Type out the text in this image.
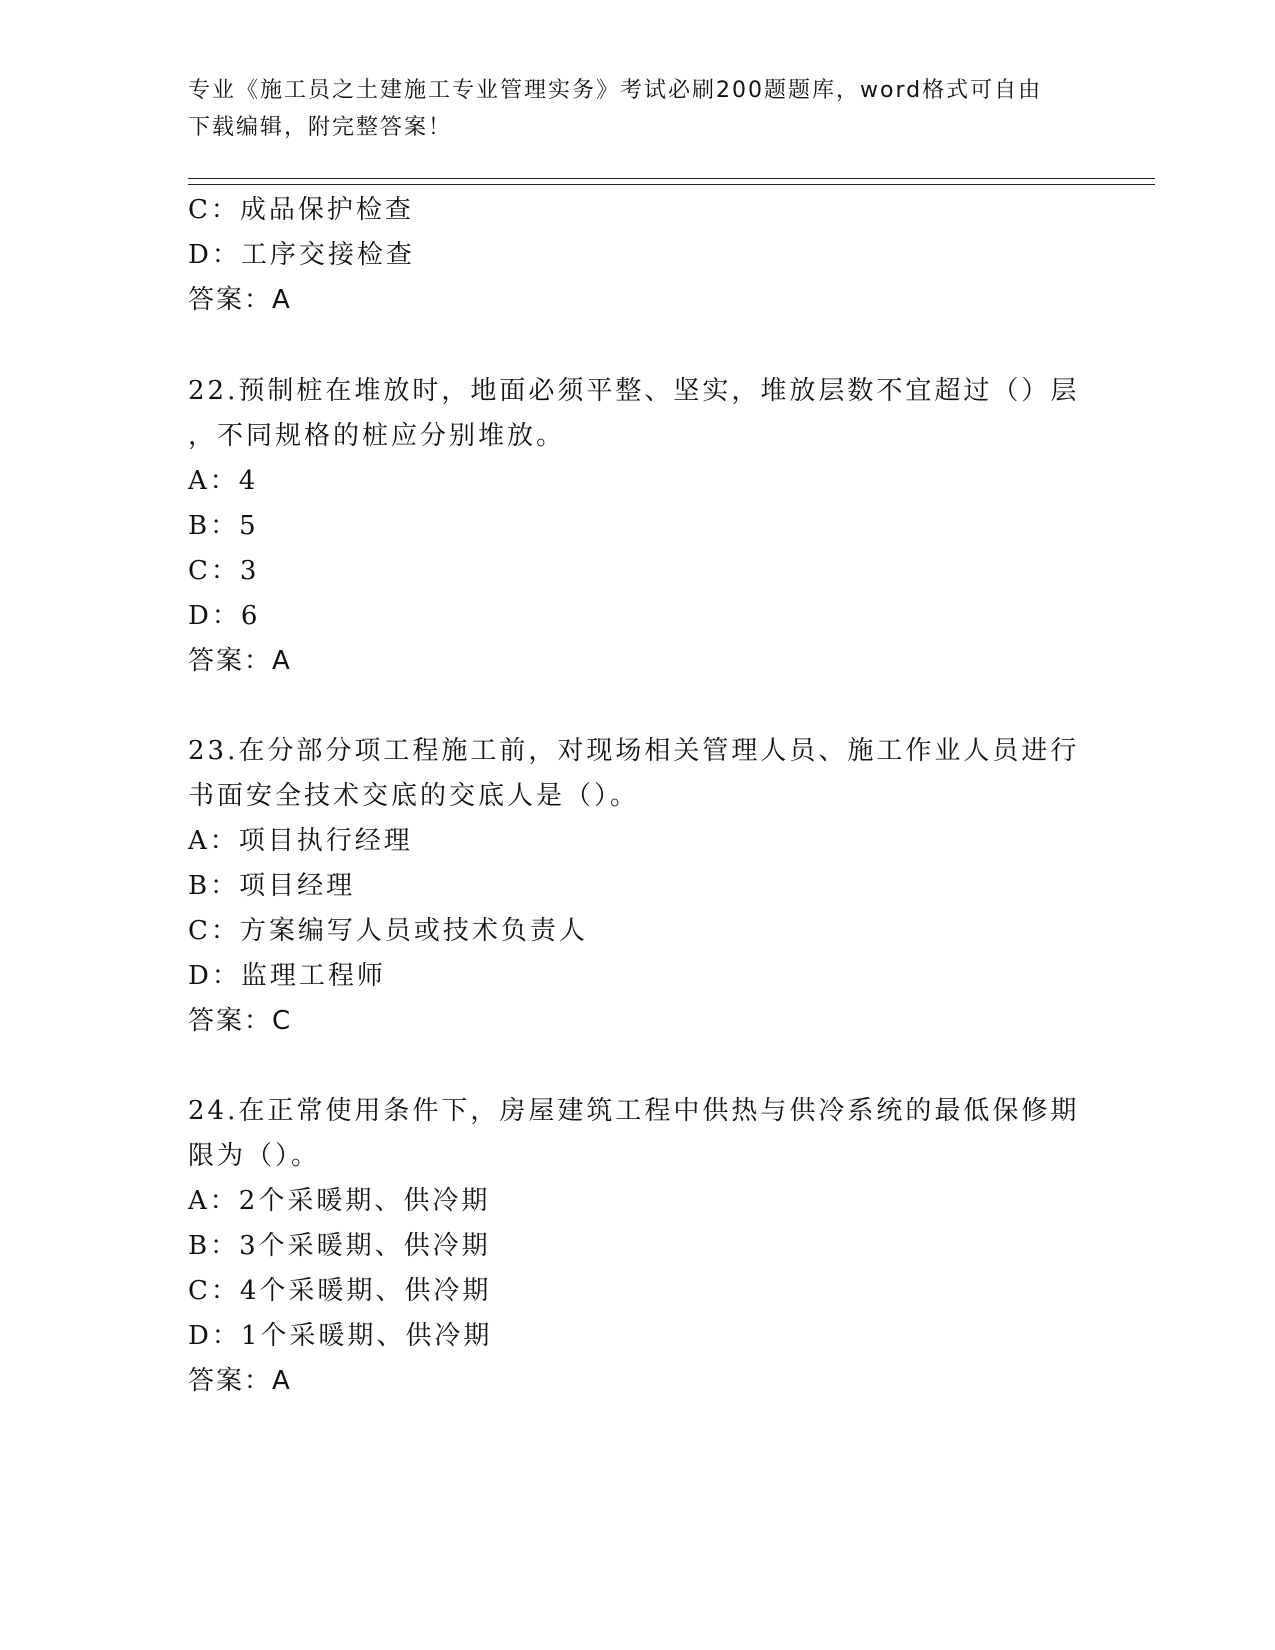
专业《施工员之土建施工专业管理实务》考试必刷200题题库，word格式可自由
下载编辑，附完整答案！
C：成品保护检查
D：工序交接检查
答案：A
22.预制桩在堆放时，地面必须平整、坚实，堆放层数不宜超过（）层
，不同规格的桩应分别堆放。
A：4
B：5
C：3
D：6
答案：A
23.在分部分项工程施工前，对现场相关管理人员、施工作业人员进行
书面安全技术交底的交底人是（）。
A：项目执行经理
B：项目经理
C：方案编写人员或技术负责人
D：监理工程师
答案：C
24.在正常使用条件下，房屋建筑工程中供热与供冷系统的最低保修期
限为（）。
A：2个采暖期、供冷期
B：3个采暖期、供冷期
C：4个采暖期、供冷期
D：1个采暖期、供冷期
答案：A
